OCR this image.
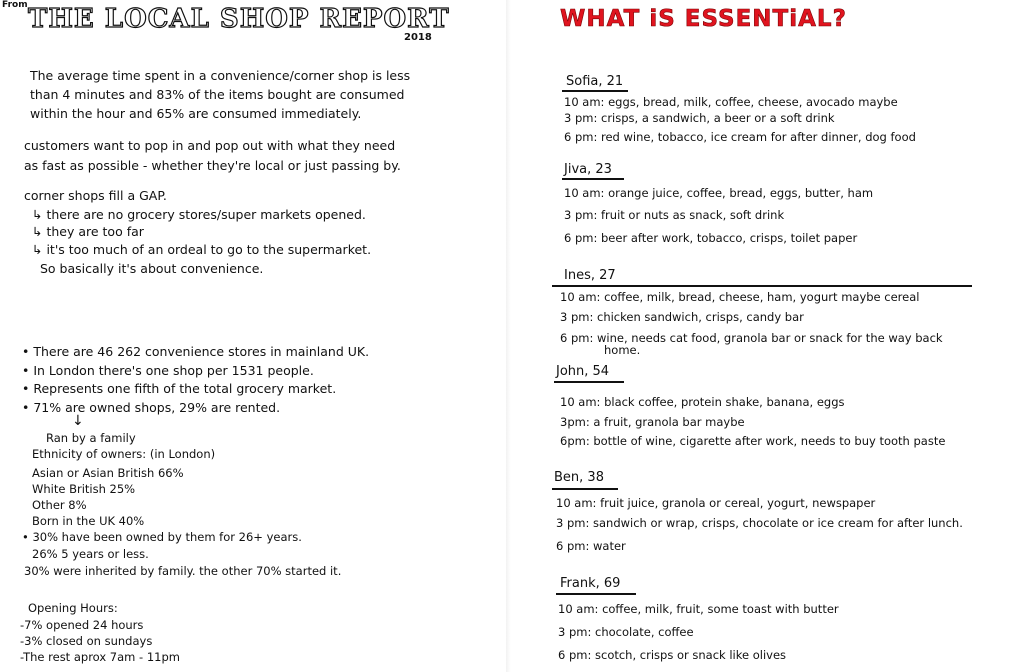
From THE LOCAL SHOP REPORT
2018
The average time spent in a convenience/corner shop is less
than 4 minutes and 83% of the items bought are consumed
within the hour and 65% are consumed immediately.
customers want to pop in and pop out with what they need
as fast as possible - whether they're local or just passing by.
corner shops fill a GAP.
↳ there are no grocery stores/super markets opened.
↳ they are too far
↳ it's too much of an ordeal to go to the supermarket.
So basically it's about convenience.
• There are 46 262 convenience stores in mainland UK.
• In London there's one shop per 1531 people.
• Represents one fifth of the total grocery market.
• 71% are owned shops, 29% are rented.
↓
Ran by a family
Ethnicity of owners: (in London)
Asian or Asian British 66%
White British 25%
Other 8%
Born in the UK 40%
• 30% have been owned by them for 26+ years.
26% 5 years or less.
30% were inherited by family. the other 70% started it.
Opening Hours:
-7% opened 24 hours
-3% closed on sundays
-The rest aprox 7am - 11pm
WHAT iS ESSENTiAL?
Sofia, 21
10 am: eggs, bread, milk, coffee, cheese, avocado maybe
3 pm: crisps, a sandwich, a beer or a soft drink
6 pm: red wine, tobacco, ice cream for after dinner, dog food
Jiva, 23
10 am: orange juice, coffee, bread, eggs, butter, ham
3 pm: fruit or nuts as snack, soft drink
6 pm: beer after work, tobacco, crisps, toilet paper
Ines, 27
10 am: coffee, milk, bread, cheese, ham, yogurt maybe cereal
3 pm: chicken sandwich, crisps, candy bar
6 pm: wine, needs cat food, granola bar or snack for the way back
home.
John, 54
10 am: black coffee, protein shake, banana, eggs
3pm: a fruit, granola bar maybe
6pm: bottle of wine, cigarette after work, needs to buy tooth paste
Ben, 38
10 am: fruit juice, granola or cereal, yogurt, newspaper
3 pm: sandwich or wrap, crisps, chocolate or ice cream for after lunch.
6 pm: water
Frank, 69
10 am: coffee, milk, fruit, some toast with butter
3 pm: chocolate, coffee
6 pm: scotch, crisps or snack like olives
